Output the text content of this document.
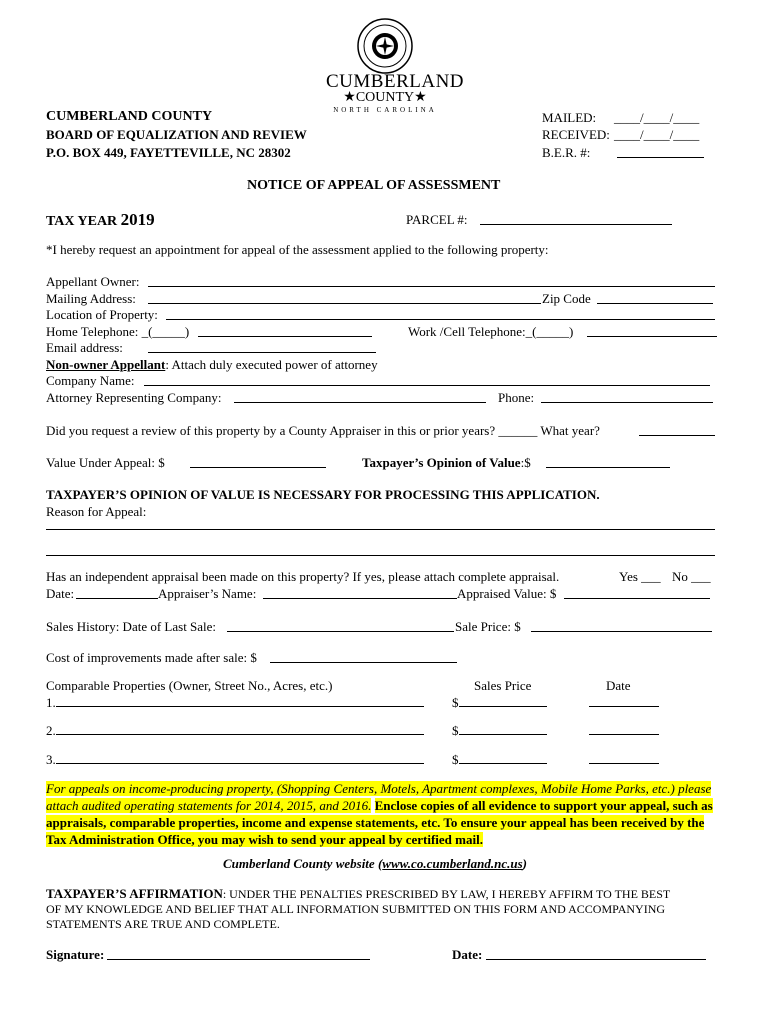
CUMBERLAND
★COUNTY★
NORTH CAROLINA
CUMBERLAND COUNTY
BOARD OF EQUALIZATION AND REVIEW
P.O. BOX 449, FAYETTEVILLE, NC 28302
MAILED: ____/____/____
RECEIVED: ____/____/____
B.E.R. #:
NOTICE OF APPEAL OF ASSESSMENT
TAX YEAR 2019	PARCEL #:
*I hereby request an appointment for appeal of the assessment applied to the following property:
Appellant Owner:
Mailing Address:	Zip Code
Location of Property:
Home Telephone: _(_____)	Work /Cell Telephone:_(_____)
Email address:
Non-owner Appellant: Attach duly executed power of attorney
Company Name:
Attorney Representing Company:	Phone:
Did you request a review of this property by a County Appraiser in this or prior years? ______ What year?
Value Under Appeal: $	Taxpayer’s Opinion of Value:$
TAXPAYER’S OPINION OF VALUE IS NECESSARY FOR PROCESSING THIS APPLICATION.
Reason for Appeal:
Has an independent appraisal been made on this property? If yes, please attach complete appraisal.	Yes ___ No ___
Date:	Appraiser’s Name:	Appraised Value: $
Sales History: Date of Last Sale:	Sale Price: $
Cost of improvements made after sale: $
Comparable Properties (Owner, Street No., Acres, etc.)	Sales Price	Date
1.	$
2.	$
3.	$
For appeals on income-producing property, (Shopping Centers, Motels, Apartment complexes, Mobile Home Parks, etc.) please attach audited operating statements for 2014, 2015, and 2016. Enclose copies of all evidence to support your appeal, such as appraisals, comparable properties, income and expense statements, etc. To ensure your appeal has been received by the Tax Administration Office, you may wish to send your appeal by certified mail.
Cumberland County website (www.co.cumberland.nc.us)
TAXPAYER’S AFFIRMATION: UNDER THE PENALTIES PRESCRIBED BY LAW, I HEREBY AFFIRM TO THE BEST
OF MY KNOWLEDGE AND BELIEF THAT ALL INFORMATION SUBMITTED ON THIS FORM AND ACCOMPANYING
STATEMENTS ARE TRUE AND COMPLETE.
Signature:	Date:
